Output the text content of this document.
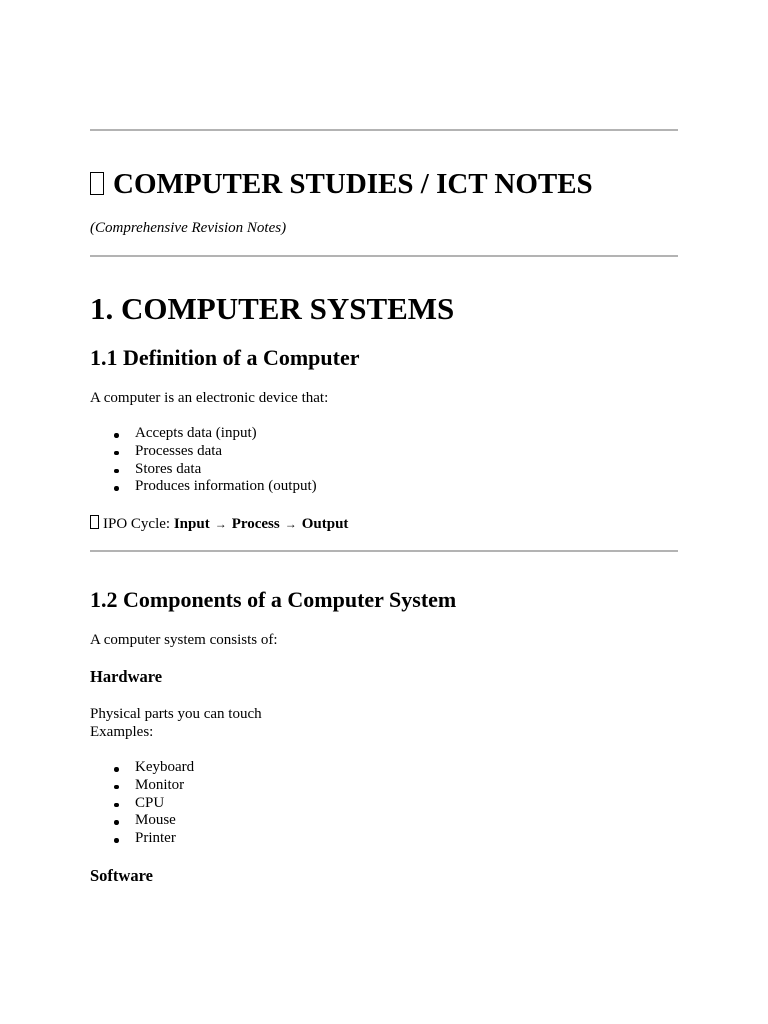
COMPUTER STUDIES / ICT NOTES
(Comprehensive Revision Notes)
1. COMPUTER SYSTEMS
1.1 Definition of a Computer
A computer is an electronic device that:
Accepts data (input)
Processes data
Stores data
Produces information (output)
IPO Cycle: Input → Process → Output
1.2 Components of a Computer System
A computer system consists of:
Hardware
Physical parts you can touch
Examples:
Keyboard
Monitor
CPU
Mouse
Printer
Software
